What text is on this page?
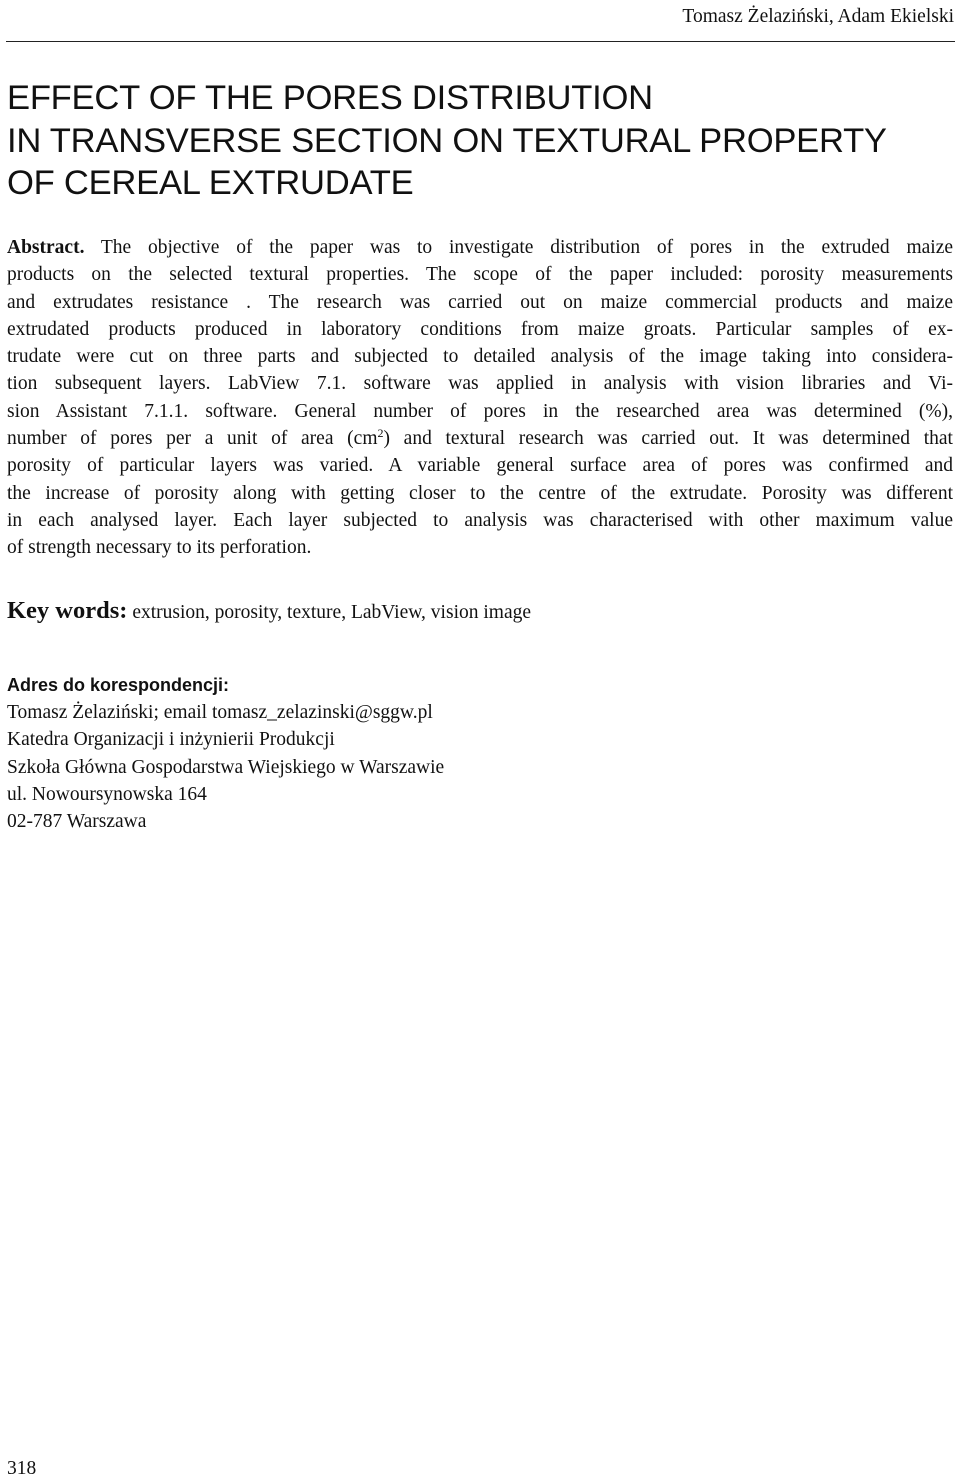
Tomasz Żelaziński, Adam Ekielski
EFFECT OF THE PORES DISTRIBUTION
IN TRANSVERSE SECTION ON TEXTURAL PROPERTY
OF CEREAL EXTRUDATE
Abstract. The objective of the paper was to investigate distribution of pores in the extruded maize
products on the selected textural properties. The scope of the paper included: porosity measurements
and extrudates resistance . The research was carried out on maize commercial products and maize
extrudated products produced in laboratory conditions from maize groats. Particular samples of ex-
trudate were cut on three parts and subjected to detailed analysis of the image taking into considera-
tion subsequent layers. LabView 7.1. software was applied in analysis with vision libraries and Vi-
sion Assistant 7.1.1. software. General number of pores in the researched area was determined (%),
number of pores per a unit of area $(cm^2)$ and textural research was carried out. It was determined that
porosity of particular layers was varied. A variable general surface area of pores was confirmed and
the increase of porosity along with getting closer to the centre of the extrudate. Porosity was different
in each analysed layer. Each layer subjected to analysis was characterised with other maximum value
of strength necessary to its perforation.
Key words: extrusion, porosity, texture, LabView, vision image
Adres do korespondencji:
Tomasz Żelaziński; email tomasz_zelazinski@sggw.pl
Katedra Organizacji i inżynierii Produkcji
Szkoła Główna Gospodarstwa Wiejskiego w Warszawie
ul. Nowoursynowska 164
02-787 Warszawa
318
